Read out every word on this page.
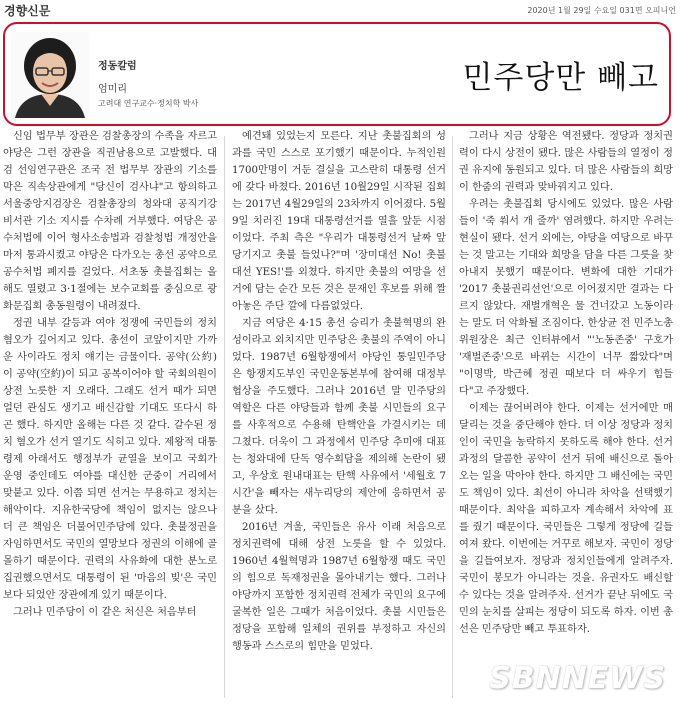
경향신문	2020년 1월 29일 수요일 031면 오피니언
정동칼럼
엄미리
고려대 연구교수·정치학 박사
민주당만 빼고

신임 법무부 장관은 검찰총장의 수족을 자르고 야당은 그런 장관을 직권남용으로 고발했다. 대검 선임연구관은 조국 전 법무부 장관의 기소를 막은 직속상관에게 "당신이 검사냐"고 항의하고 서울중앙지검장은 검찰총장의 청와대 공직기강비서관 기소 지시를 수차례 거부했다. 여당은 공수처법에 이어 형사소송법과 검찰청법 개정안을 마저 통과시켰고 야당은 다가오는 총선 공약으로 공수처법 폐지를 걸었다. 서초동 촛불집회는 올해도 열렸고 3·1절에는 보수교회를 중심으로 광화문집회 총동원령이 내려졌다.

정권 내부 갈등과 여야 정쟁에 국민들의 정치 혐오가 깊어지고 있다. 총선이 코앞이지만 가까운 사이라도 정치 얘기는 금물이다. 공약(公約)이 공약(空約)이 되고 공복이어야 할 국회의원이 상전 노릇한 지 오래다. 그래도 선거 때가 되면 얼던 관심도 생기고 배신감할 기대도 또다시 하곤 했다. 하지만 올해는 다른 것 같다. 갈수된 정치 혐오가 선거 열기도 식히고 있다. 제왕적 대통령제 아래서도 행정부가 균열을 보이고 국회가 운영 중인데도 여야를 대신한 군중이 거리에서 맞붙고 있다. 이쯤 되면 선거는 무용하고 정치는 해악이다. 지유한국당에 책임이 없지는 않으나 더 큰 책임은 더불어민주당에 있다. 촛불정권을 자임하면서도 국민의 열망보다 정권의 이해에 골몰하기 때문이다. 권력의 사유화에 대한 분노로 집권했으면서도 대통령이 된 '마음의 빚'은 국민보다 되었안 장관에게 있기 때문이다.

그러나 민주당이 이 같은 처신은 처음부터

예견돼 있었는지 모른다. 지난 촛불집회의 성과를 국민 스스로 포기했기 때문이다. 누적인원 1700만명이 거둔 결실을 고스란히 대통령 선거에 갖다 바쳤다. 2016년 10월29일 시작된 집회는 2017년 4월29일의 23차까지 이어졌다. 5월9일 치러진 19대 대통령선거를 열흘 앞둔 시점이었다. 주최 측은 "우리가 대통령선거 날짜 앞당기지고 촛불 들었나?"며 '장미대선 No! 촛불대선 YES!'를 외쳤다. 하지만 촛불의 여망을 선거에 담는 순간 모든 것은 문재인 후보를 위해 짤아놓은 주단 깔에 다름없었다.

지금 여당은 4·15 총선 승리가 촛불혁명의 완성이라고 외치지만 민주당은 촛불의 주역이 아니었다. 1987년 6월항쟁에서 야당인 통일민주당은 항쟁지도부인 국민운동본부에 참여해 대정부협상을 주도했다. 그러나 2016년 말 민주당의 역할은 다른 야당들과 함께 촛불 시민들의 요구를 사후적으로 수용해 탄핵안을 가결시키는 데 그쳤다. 더욱이 그 과정에서 민주당 추미애 대표는 청와대에 단독 영수회담을 제의해 논란이 됐고, 우상호 원내대표는 탄핵 사유에서 '세월호 7시간'을 빼자는 새누리당의 제안에 응하면서 공분을 샀다.

2016년 겨울, 국민들은 유사 이래 처음으로 정치권력에 대해 상전 노릇을 할 수 있었다. 1960년 4월혁명과 1987년 6월항쟁 때도 국민의 힘으로 독재정권을 몰아내기는 했다. 그러나 야당까지 포함한 정치권력 전체가 국민의 요구에 굴복한 일은 그때가 처음이었다. 촛불 시민들은 정당을 포함해 일체의 권위를 부정하고 자신의 행동과 스스로의 힘만을 믿었다.

그러나 지금 상황은 역전됐다. 정당과 정치권력이 다시 상전이 됐다. 많은 사람들의 열정이 정권 유지에 동원되고 있다. 더 많은 사람들의 희망이 한줌의 권력과 맞바꿔지고 있다.

우려는 촛불집회 당시에도 있었다. 많은 사람들이 '죽 쒀서 개 줄까' 염려했다. 하지만 우려는 현실이 됐다. 선거 외에는, 야당을 여당으로 바꾸는 것 말고는 기대와 희망을 담을 다른 그릇을 찾아내지 못했기 때문이다. 변화에 대한 기대가 '2017 촛불권리선언'으로 이어졌지만 결과는 다르지 않았다. 재벌개혁은 물 건너갔고 노동이라는 말도 더 악화될 조짐이다. 한상균 전 민주노총 위원장은 최근 인터뷰에서 "'노동존중' 구호가 '재벌존중'으로 바뀌는 시간이 너무 짧았다"며 "이명박, 박근혜 정권 때보다 더 싸우기 힘들다"고 주장했다.

이제는 끊어버려야 한다. 이제는 선거에만 매달리는 것을 중단해야 한다. 더 이상 정당과 정치인이 국민을 농락하지 못하도록 해야 한다. 선거 과정의 달콤한 공약이 선거 뒤에 배신으로 돌아오는 일을 막아야 한다. 하지만 그 배신에는 국민도 책임이 있다. 최선이 아니라 차악을 선택했기 때문이다. 최악을 피하고자 계속해서 차악에 표를 줬기 때문이다. 국민들은 그렇게 정당에 길들여져 왔다. 이번에는 거꾸로 해보자. 국민이 정당을 길들여보자. 정당과 정치인들에게 알려주자. 국민이 봉모가 아니라는 것을. 유권자도 배신할 수 있다는 것을 알려주자. 선거가 끝난 뒤에도 국민의 눈치를 살피는 정당이 되도록 하자. 이번 총선은 민주당만 빼고 투표하자.

SBNNEWS
